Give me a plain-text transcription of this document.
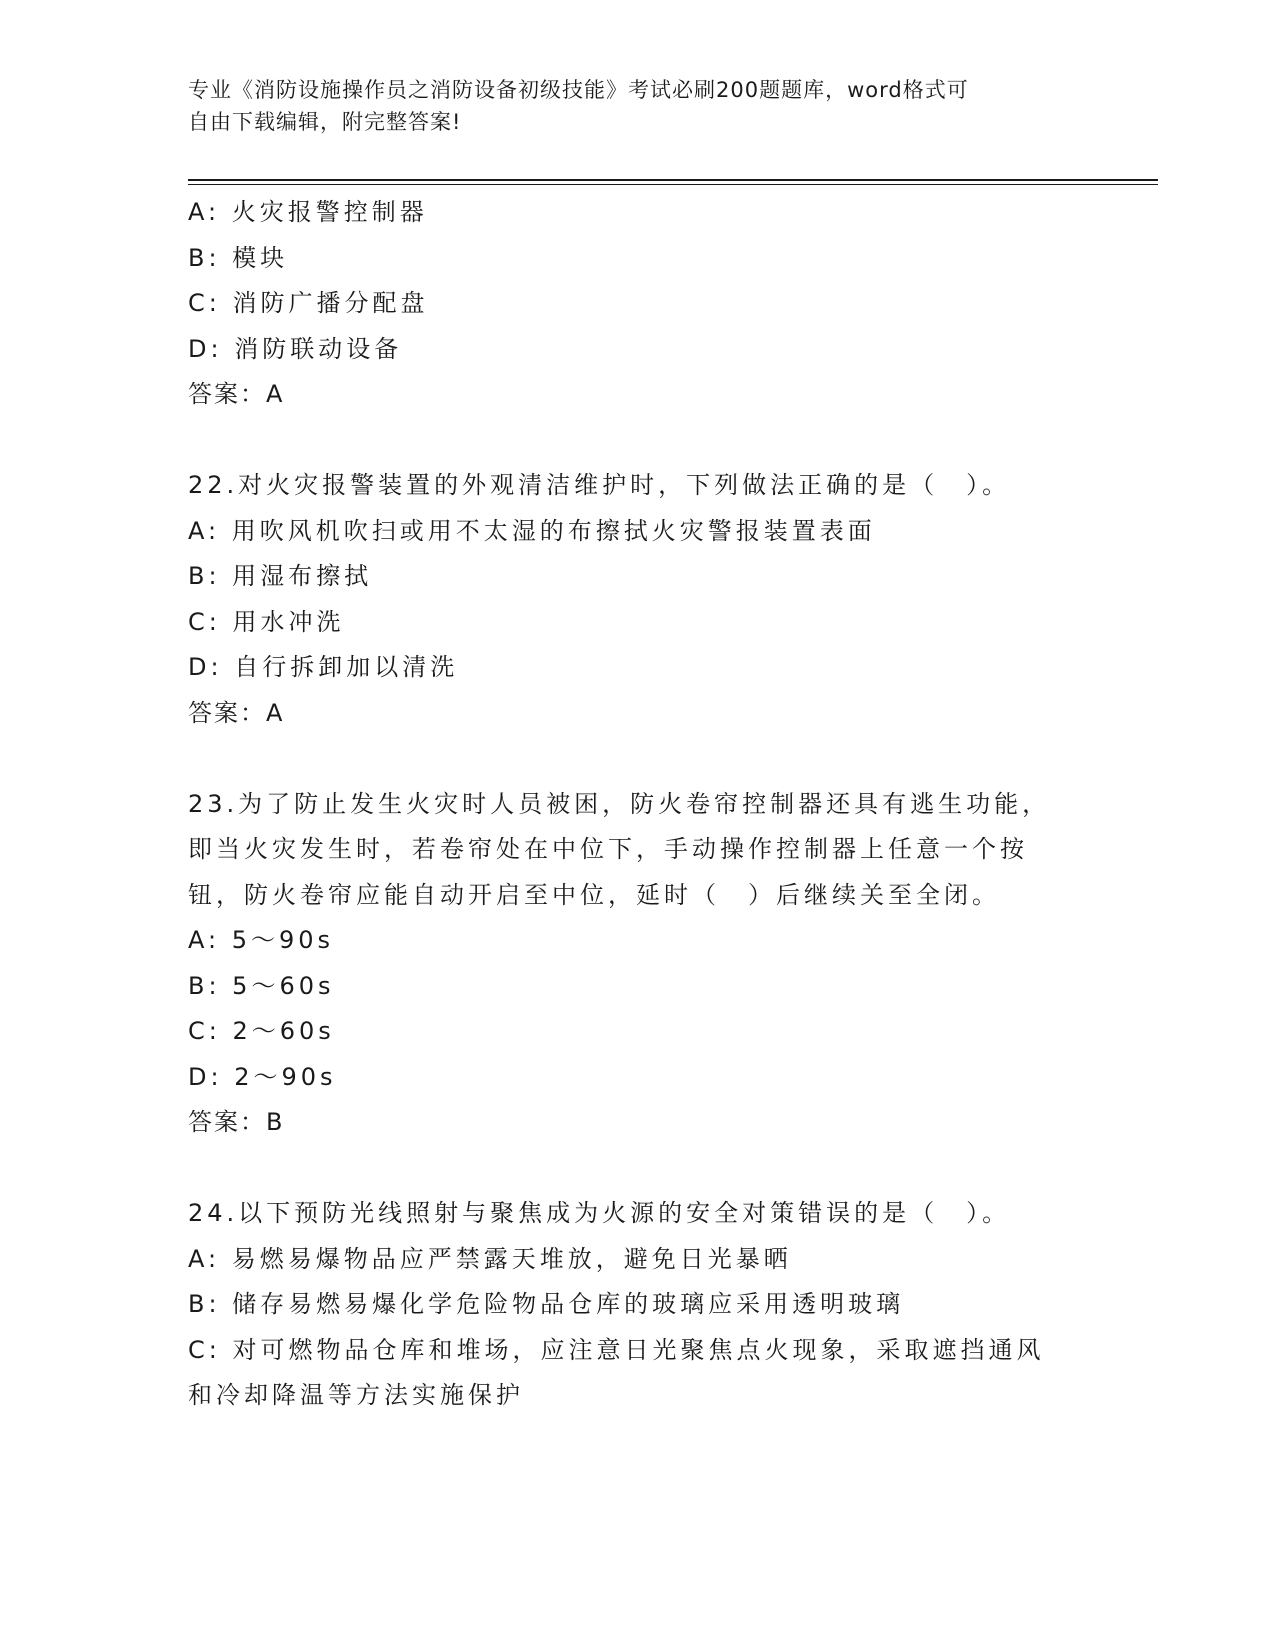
专业《消防设施操作员之消防设备初级技能》考试必刷200题题库，word格式可
自由下载编辑，附完整答案!
A: 火灾报警控制器
B: 模块
C: 消防广播分配盘
D: 消防联动设备
答案：A
22.对火灾报警装置的外观清洁维护时，下列做法正确的是（　）。
A: 用吹风机吹扫或用不太湿的布擦拭火灾警报装置表面
B: 用湿布擦拭
C: 用水冲洗
D: 自行拆卸加以清洗
答案：A
23.为了防止发生火灾时人员被困，防火卷帘控制器还具有逃生功能，
即当火灾发生时，若卷帘处在中位下，手动操作控制器上任意一个按
钮，防火卷帘应能自动开启至中位，延时（　）后继续关至全闭。
A: 5～90s
B: 5～60s
C: 2～60s
D: 2～90s
答案：B
24.以下预防光线照射与聚焦成为火源的安全对策错误的是（　）。
A: 易燃易爆物品应严禁露天堆放，避免日光暴晒
B: 储存易燃易爆化学危险物品仓库的玻璃应采用透明玻璃
C: 对可燃物品仓库和堆场，应注意日光聚焦点火现象，采取遮挡通风
和冷却降温等方法实施保护
